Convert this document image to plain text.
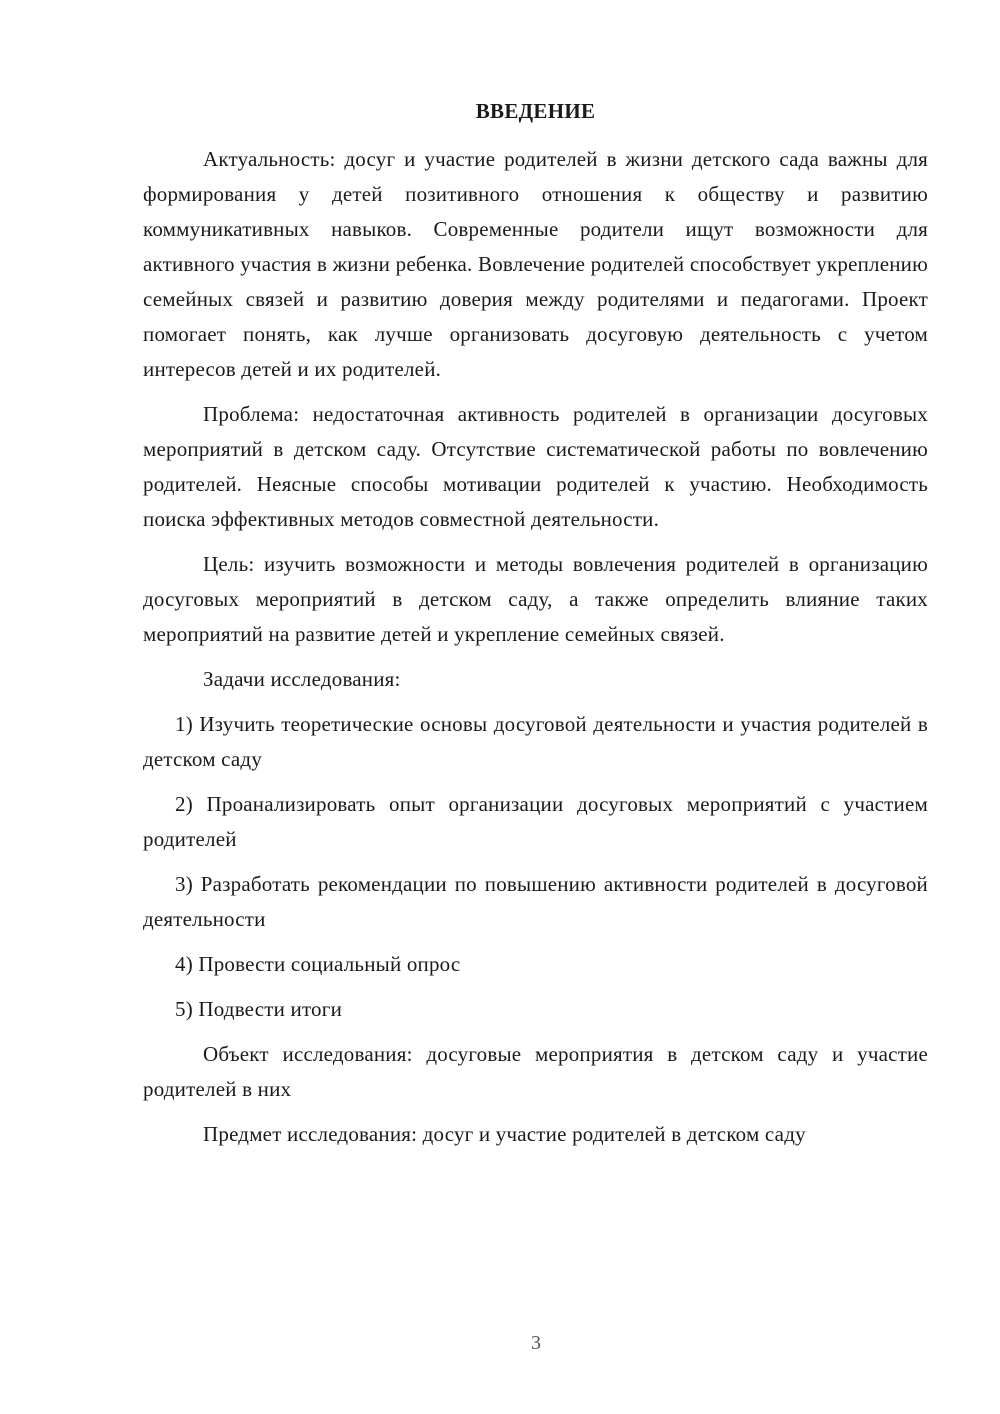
ВВЕДЕНИЕ

Актуальность: досуг и участие родителей в жизни детского сада важны для формирования у детей позитивного отношения к обществу и развитию коммуникативных навыков. Современные родители ищут возможности для активного участия в жизни ребенка. Вовлечение родителей способствует укреплению семейных связей и развитию доверия между родителями и педагогами. Проект помогает понять, как лучше организовать досуговую деятельность с учетом интересов детей и их родителей.

Проблема: недостаточная активность родителей в организации досуговых мероприятий в детском саду. Отсутствие систематической работы по вовлечению родителей. Неясные способы мотивации родителей к участию. Необходимость поиска эффективных методов совместной деятельности.

Цель: изучить возможности и методы вовлечения родителей в организацию досуговых мероприятий в детском саду, а также определить влияние таких мероприятий на развитие детей и укрепление семейных связей.

Задачи исследования:

1) Изучить теоретические основы досуговой деятельности и участия родителей в детском саду

2) Проанализировать опыт организации досуговых мероприятий с участием родителей

3) Разработать рекомендации по повышению активности родителей в досуговой деятельности

4) Провести социальный опрос

5) Подвести итоги

Объект исследования: досуговые мероприятия в детском саду и участие родителей в них

Предмет исследования: досуг и участие родителей в детском саду

3
